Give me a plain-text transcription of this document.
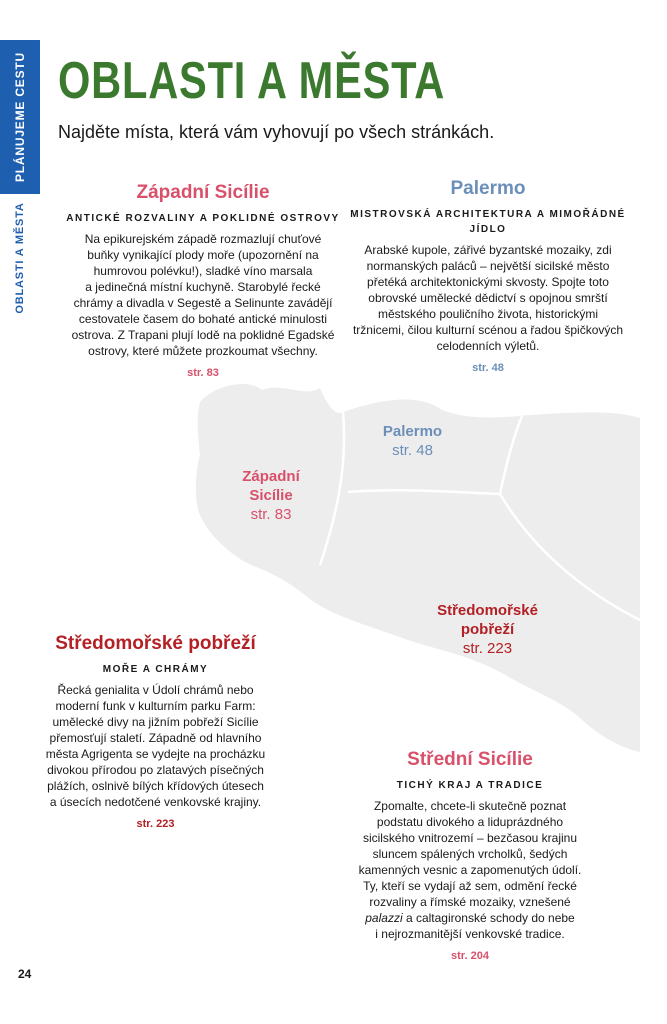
PLÁNUJEME CESTU
OBLASTI A MĚSTA
OBLASTI A MĚSTA
Najděte místa, která vám vyhovují po všech stránkách.
Palermo
str. 48
Západní
Sicílie
str. 83
Středomořské
pobřeží
str. 223
Západní Sicílie
ANTICKÉ ROZVALINY A POKLIDNÉ OSTROVY

Na epikurejském západě rozmazlují chuťové
buňky vynikající plody moře (upozornění na
humrovou polévku!), sladké víno marsala
a jedinečná místní kuchyně. Starobylé řecké
chrámy a divadla v Segestě a Selinunte zavádějí
cestovatele časem do bohaté antické minulosti
ostrova. Z Trapani plují lodě na poklidné Egadské
ostrovy, které můžete prozkoumat všechny.

str. 83
Palermo
MISTROVSKÁ ARCHITEKTURA A MIMOŘÁDNÉ
JÍDLO

Arabské kupole, zářivé byzantské mozaiky, zdi
normanských paláců – největší sicilské město
přetéká architektonickými skvosty. Spojte toto
obrovské umělecké dědictví s opojnou smrští
městského pouličního života, historickými
tržnicemi, čilou kulturní scénou a řadou špičkových
celodenních výletů.

str. 48
Středomořské pobřeží
MOŘE A CHRÁMY

Řecká genialita v Údolí chrámů nebo
moderní funk v kulturním parku Farm:
umělecké divy na jižním pobřeží Sicílie
přemosťují staletí. Západně od hlavního
města Agrigenta se vydejte na procházku
divokou přírodou po zlatavých písečných
plážích, oslnivě bílých křídových útesech
a úsecích nedotčené venkovské krajiny.

str. 223
Střední Sicílie
TICHÝ KRAJ A TRADICE

Zpomalte, chcete-li skutečně poznat
podstatu divokého a liduprázdného
sicilského vnitrozemí – bezčasou krajinu
sluncem spálených vrcholků, šedých
kamenných vesnic a zapomenutých údolí.
Ty, kteří se vydají až sem, odmění řecké
rozvaliny a římské mozaiky, vznešené
palazzi a caltagironské schody do nebe
i nejrozmanitější venkovské tradice.

str. 204
24
